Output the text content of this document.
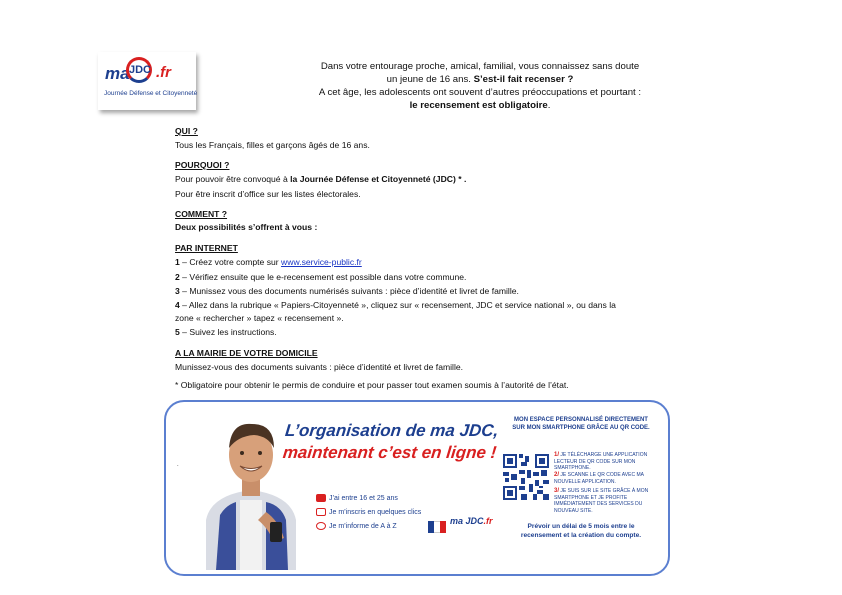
ma JDC .fr
Journée Défense et Citoyenneté
Dans votre entourage proche, amical, familial, vous connaissez sans doute
un jeune de 16 ans. S’est-il fait recenser ?
A cet âge, les adolescents ont souvent d’autres préoccupations et pourtant :
le recensement est obligatoire.
QUI ?
Tous les Français, filles et garçons âgés de 16 ans.
POURQUOI ?
Pour pouvoir être convoqué à la Journée Défense et Citoyenneté (JDC) * .
Pour être inscrit d’office sur les listes électorales.
COMMENT ?
Deux possibilités s’offrent à vous :
PAR INTERNET
1 – Créez votre compte sur www.service-public.fr
2 – Vérifiez ensuite que le e-recensement est possible dans votre commune.
3 – Munissez vous des documents numérisés suivants : pièce d’identité et livret de famille.
4 – Allez dans la rubrique « Papiers-Citoyenneté », cliquez sur « recensement, JDC et service national », ou dans la
zone « rechercher » tapez « recensement ».
5 – Suivez les instructions.
A LA MAIRIE DE VOTRE DOMICILE
Munissez-vous des documents suivants : pièce d’identité et livret de famille.
* Obligatoire pour obtenir le permis de conduire et pour passer tout examen soumis à l’autorité de l’état.
.
L’organisation de ma JDC,
maintenant c’est en ligne !
J’ai entre 16 et 25 ans
Je m’inscris en quelques clics
Je m’informe de A à Z
ma JDC.fr
MON ESPACE PERSONNALISÉ DIRECTEMENT
SUR MON SMARTPHONE GRÂCE AU QR CODE.
1/ JE TÉLÉCHARGE UNE APPLICATION LECTEUR DE QR CODE SUR MON SMARTPHONE.
2/ JE SCANNE LE QR CODE AVEC MA NOUVELLE APPLICATION.
3/ JE SUIS SUR LE SITE GRÂCE À MON SMARTPHONE ET JE PROFITE IMMÉDIATEMENT DES SERVICES DU NOUVEAU SITE.
Prévoir un délai de 5 mois entre le
recensement et la création du compte.
